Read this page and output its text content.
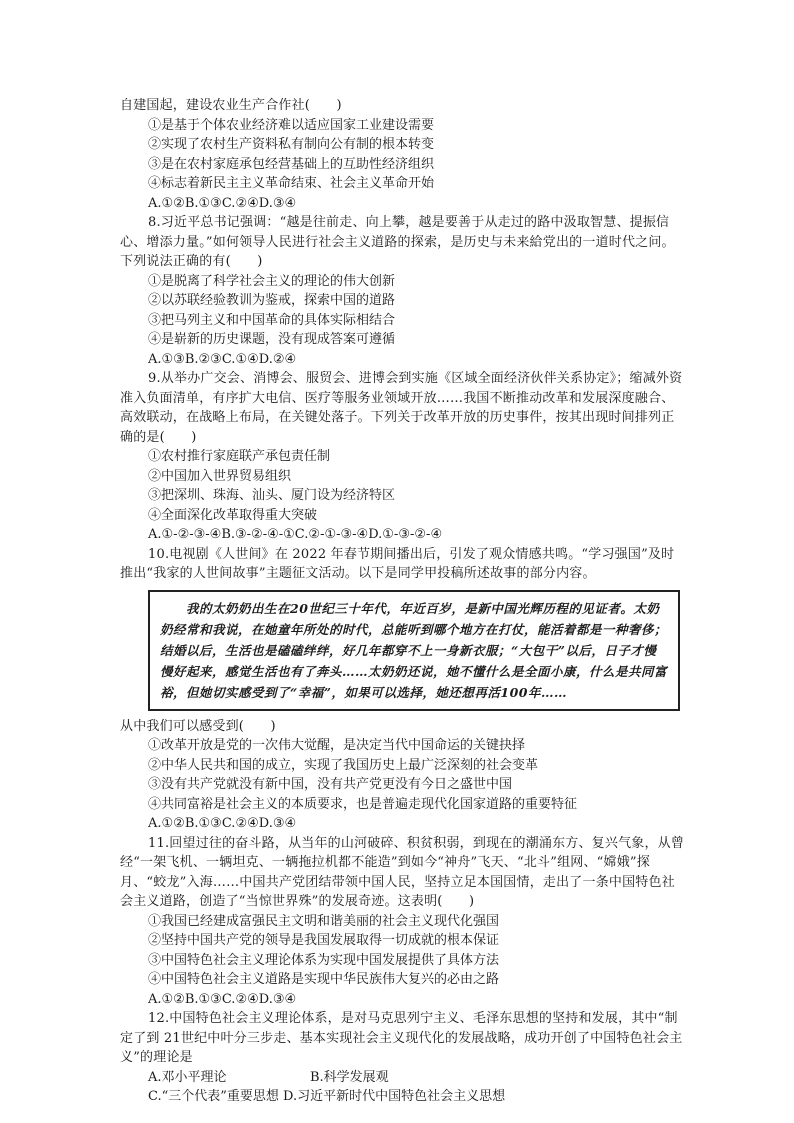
自建国起，建设农业生产合作社(　　)

①是基于个体农业经济难以适应国家工业建设需要

②实现了农村生产资料私有制向公有制的根本转变

③是在农村家庭承包经营基础上的互助性经济组织

④标志着新民主主义革命结束、社会主义革命开始

A.①②B.①③C.②④D.③④

8.习近平总书记强调：“越是往前走、向上攀，越是要善于从走过的路中汲取智慧、提振信心、增添力量。”如何领导人民进行社会主义道路的探索，是历史与未来給党出的一道时代之问。下列说法正确的有(　　)

①是脱离了科学社会主义的理论的伟大创新

②以苏联经验教训为鉴戒，探索中国的道路

③把马列主义和中国革命的具体实际相结合

④是崭新的历史课题，没有现成答案可遵循

A.①③B.②③C.①④D.②④

9.从举办广交会、消博会、服贸会、进博会到实施《区域全面经济伙伴关系协定》；缩减外资准入负面清单，有序扩大电信、医疗等服务业领域开放……我国不断推动改革和发展深度融合、高效联动，在战略上布局，在关键处落子。下列关于改革开放的历史事件，按其出现时间排列正确的是(　　)

①农村推行家庭联产承包责任制

②中国加入世界贸易组织

③把深圳、珠海、汕头、厦门设为经济特区

④全面深化改革取得重大突破

A.①-②-③-④B.③-②-④-①C.②-①-③-④D.①-③-②-④

10.电视剧《人世间》在 2022 年春节期间播出后，引发了观众情感共鸣。“学习强国”及时推出“我家的人世间故事”主题征文活动。以下是同学甲投稿所述故事的部分内容。

我的太奶奶出生在20世纪三十年代，年近百岁，是新中国光辉历程的见证者。太奶奶经常和我说，在她童年所处的时代，总能听到哪个地方在打仗，能活着都是一种奢侈；结婚以后，生活也是磕磕绊绊，好几年都穿不上一身新衣服；“大包干”以后，日子才慢慢好起来，感觉生活也有了奔头……太奶奶还说，她不懂什么是全面小康，什么是共同富裕，但她切实感受到了“幸福”，如果可以选择，她还想再活100年……

从中我们可以感受到(　　)

①改革开放是党的一次伟大觉醒，是决定当代中国命运的关键抉择

②中华人民共和国的成立，实现了我国历史上最广泛深刻的社会变革

③没有共产党就没有新中国，没有共产党更没有今日之盛世中国

④共同富裕是社会主义的本质要求，也是普遍走现代化国家道路的重要特征

A.①②B.①③C.②④D.③④

11.回望过往的奋斗路，从当年的山河破碎、积贫积弱，到现在的潮涌东方、复兴气象，从曾经“一架飞机、一辆坦克、一辆拖拉机都不能造”到如今“神舟”飞天、“北斗”组网、“嫦娥”探月、“蛟龙”入海……中国共产党团结带领中国人民，坚持立足本国国情，走出了一条中国特色社会主义道路，创造了“当惊世界殊”的发展奇迹。这表明(　　)

①我国已经建成富强民主文明和谐美丽的社会主义现代化强国

②坚持中国共产党的领导是我国发展取得一切成就的根本保证

③中国特色社会主义理论体系为实现中国发展提供了具体方法

④中国特色社会主义道路是实现中华民族伟大复兴的必由之路

A.①②B.①③C.②④D.③④

12.中国特色社会主义理论体系，是对马克思列宁主义、毛泽东思想的坚持和发展，其中“制定了到 21世纪中叶分三步走、基本实现社会主义现代化的发展战略，成功开创了中国特色社会主义”的理论是

A.邓小平理论	B.科学发展观

C.“三个代表”重要思想 D.习近平新时代中国特色社会主义思想
